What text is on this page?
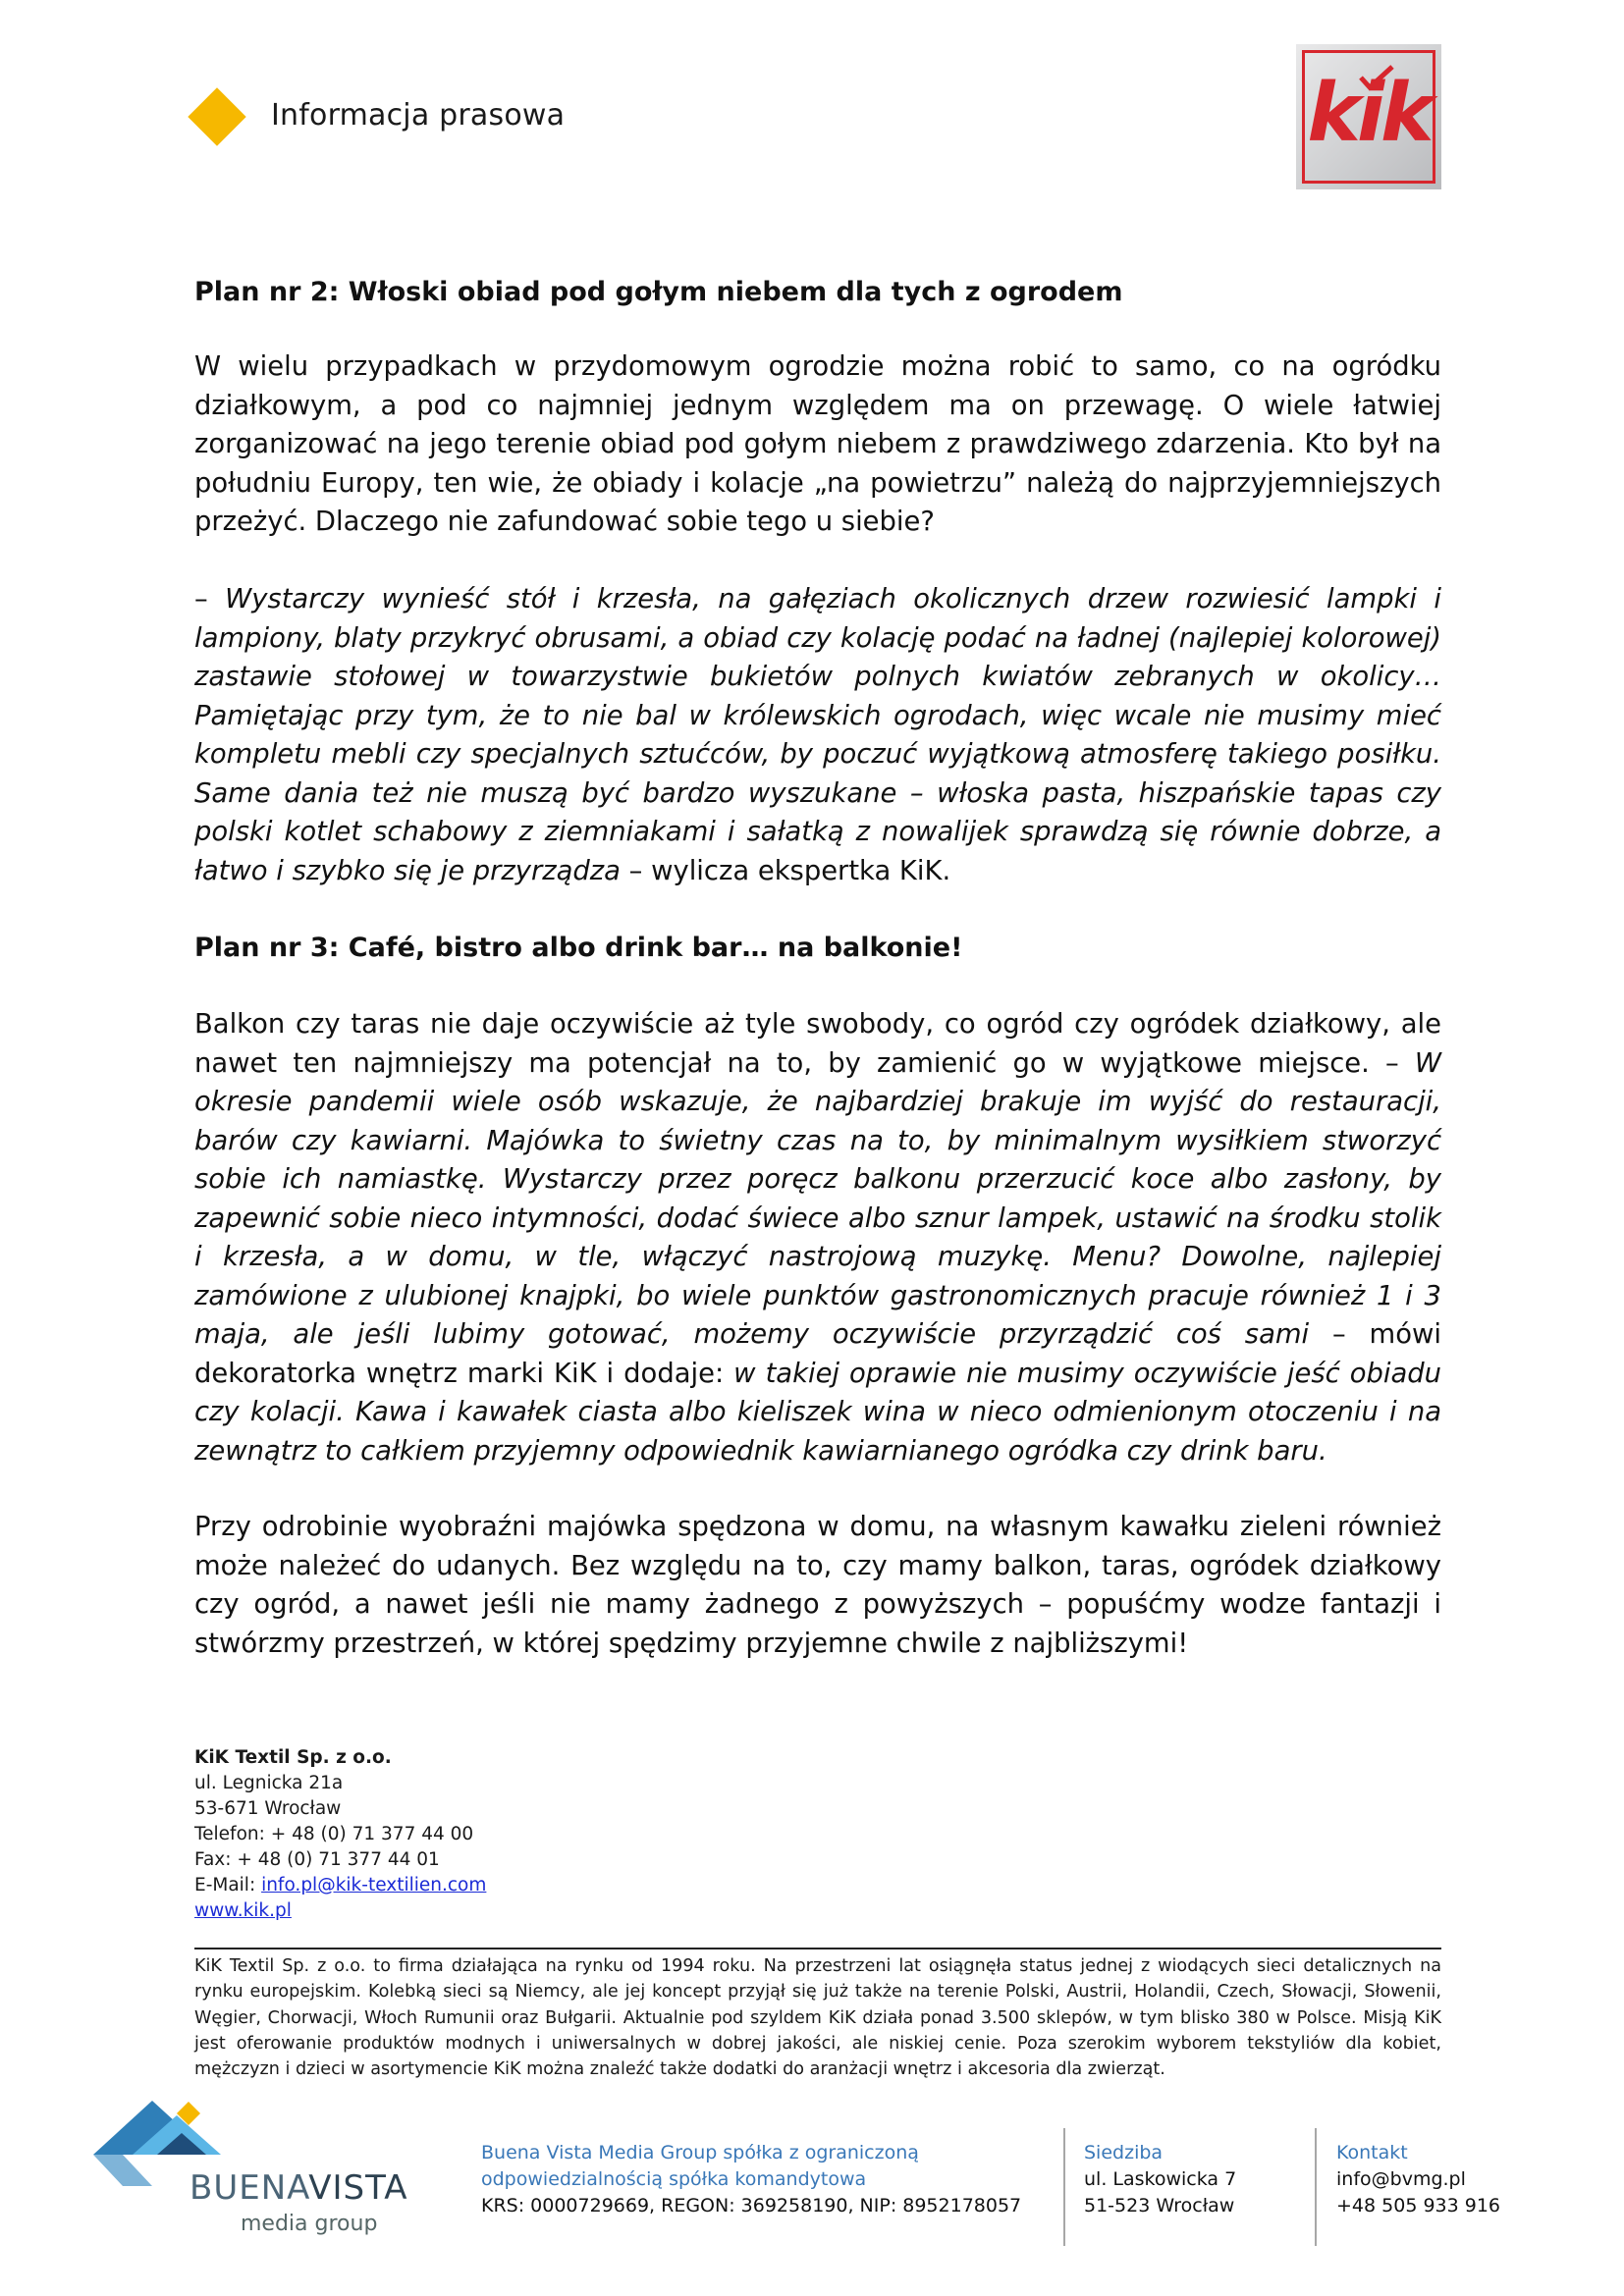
Informacja prasowa	kik
Plan nr 2: Włoski obiad pod gołym niebem dla tych z ogrodem
W wielu przypadkach w przydomowym ogrodzie można robić to samo, co na ogródku działkowym, a pod co najmniej jednym względem ma on przewagę. O wiele łatwiej zorganizować na jego terenie obiad pod gołym niebem z prawdziwego zdarzenia. Kto był na południu Europy, ten wie, że obiady i kolacje „na powietrzu” należą do najprzyjemniejszych przeżyć. Dlaczego nie zafundować sobie tego u siebie?
– Wystarczy wynieść stół i krzesła, na gałęziach okolicznych drzew rozwiesić lampki i lampiony, blaty przykryć obrusami, a obiad czy kolację podać na ładnej (najlepiej kolorowej) zastawie stołowej w towarzystwie bukietów polnych kwiatów zebranych w okolicy… Pamiętając przy tym, że to nie bal w królewskich ogrodach, więc wcale nie musimy mieć kompletu mebli czy specjalnych sztućców, by poczuć wyjątkową atmosferę takiego posiłku. Same dania też nie muszą być bardzo wyszukane – włoska pasta, hiszpańskie tapas czy polski kotlet schabowy z ziemniakami i sałatką z nowalijek sprawdzą się równie dobrze, a łatwo i szybko się je przyrządza – wylicza ekspertka KiK.
Plan nr 3: Café, bistro albo drink bar… na balkonie!
Balkon czy taras nie daje oczywiście aż tyle swobody, co ogród czy ogródek działkowy, ale nawet ten najmniejszy ma potencjał na to, by zamienić go w wyjątkowe miejsce. – W okresie pandemii wiele osób wskazuje, że najbardziej brakuje im wyjść do restauracji, barów czy kawiarni. Majówka to świetny czas na to, by minimalnym wysiłkiem stworzyć sobie ich namiastkę. Wystarczy przez poręcz balkonu przerzucić koce albo zasłony, by zapewnić sobie nieco intymności, dodać świece albo sznur lampek, ustawić na środku stolik i krzesła, a w domu, w tle, włączyć nastrojową muzykę. Menu? Dowolne, najlepiej zamówione z ulubionej knajpki, bo wiele punktów gastronomicznych pracuje również 1 i 3 maja, ale jeśli lubimy gotować, możemy oczywiście przyrządzić coś sami – mówi dekoratorka wnętrz marki KiK i dodaje: w takiej oprawie nie musimy oczywiście jeść obiadu czy kolacji. Kawa i kawałek ciasta albo kieliszek wina w nieco odmienionym otoczeniu i na zewnątrz to całkiem przyjemny odpowiednik kawiarnianego ogródka czy drink baru.
Przy odrobinie wyobraźni majówka spędzona w domu, na własnym kawałku zieleni również może należeć do udanych. Bez względu na to, czy mamy balkon, taras, ogródek działkowy czy ogród, a nawet jeśli nie mamy żadnego z powyższych – popuśćmy wodze fantazji i stwórzmy przestrzeń, w której spędzimy przyjemne chwile z najbliższymi!
KiK Textil Sp. z o.o.
ul. Legnicka 21a
53-671 Wrocław
Telefon: + 48 (0) 71 377 44 00
Fax: + 48 (0) 71 377 44 01
E-Mail: info.pl@kik-textilien.com
www.kik.pl
KiK Textil Sp. z o.o. to firma działająca na rynku od 1994 roku. Na przestrzeni lat osiągnęła status jednej z wiodących sieci detalicznych na rynku europejskim. Kolebką sieci są Niemcy, ale jej koncept przyjął się już także na terenie Polski, Austrii, Holandii, Czech, Słowacji, Słowenii, Węgier, Chorwacji, Włoch Rumunii oraz Bułgarii. Aktualnie pod szyldem KiK działa ponad 3.500 sklepów, w tym blisko 380 w Polsce. Misją KiK jest oferowanie produktów modnych i uniwersalnych w dobrej jakości, ale niskiej cenie. Poza szerokim wyborem tekstyliów dla kobiet, mężczyzn i dzieci w asortymencie KiK można znaleźć także dodatki do aranżacji wnętrz i akcesoria dla zwierząt.
BUENAVISTA
media group
Buena Vista Media Group spółka z ograniczoną
odpowiedzialnością spółka komandytowa
KRS: 0000729669, REGON: 369258190, NIP: 8952178057
Siedziba
ul. Laskowicka 7
51-523 Wrocław
Kontakt
info@bvmg.pl
+48 505 933 916
